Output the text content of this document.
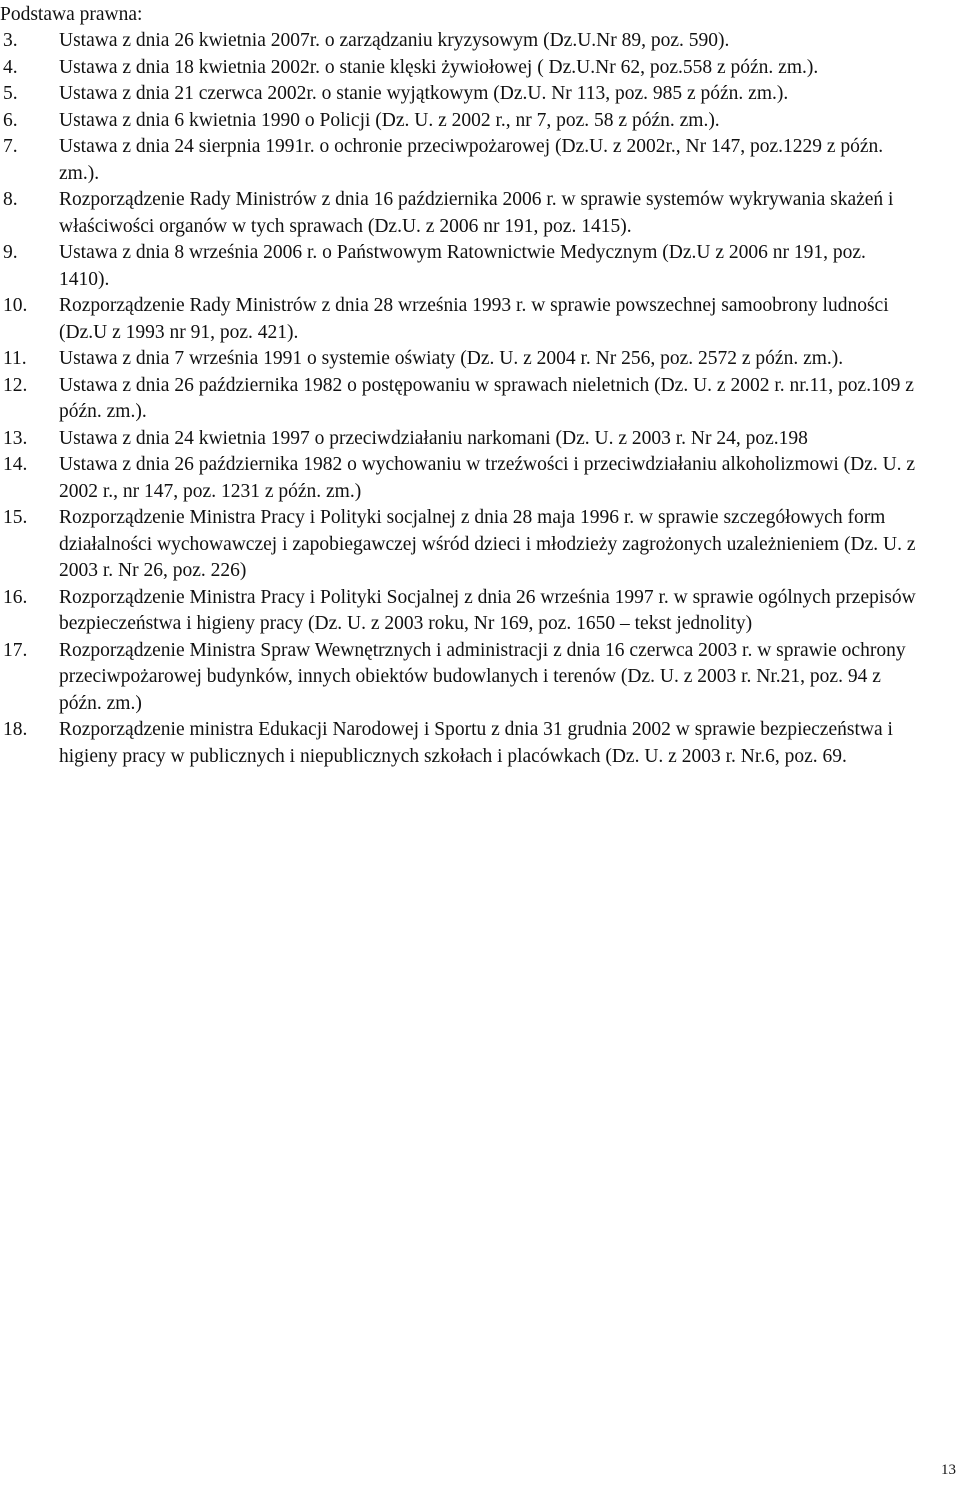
Podstawa prawna:
3. Ustawa z dnia 26 kwietnia 2007r. o zarządzaniu kryzysowym (Dz.U.Nr 89, poz. 590).
4. Ustawa z dnia 18 kwietnia 2002r. o stanie klęski żywiołowej ( Dz.U.Nr 62, poz.558 z późn. zm.).
5. Ustawa z dnia 21 czerwca 2002r. o stanie wyjątkowym (Dz.U. Nr 113, poz. 985 z późn. zm.).
6. Ustawa z dnia 6 kwietnia 1990 o Policji (Dz. U. z 2002 r., nr 7, poz. 58 z późn. zm.).
7. Ustawa z dnia 24 sierpnia 1991r. o ochronie przeciwpożarowej (Dz.U. z 2002r., Nr 147, poz.1229 z późn. zm.).
8. Rozporządzenie Rady Ministrów z dnia 16 października 2006 r. w sprawie systemów wykrywania skażeń i właściwości organów w tych sprawach (Dz.U. z 2006 nr 191, poz. 1415).
9. Ustawa z dnia 8 września 2006 r. o Państwowym Ratownictwie Medycznym (Dz.U z 2006 nr 191, poz. 1410).
10. Rozporządzenie Rady Ministrów z dnia 28 września 1993 r. w sprawie powszechnej samoobrony ludności (Dz.U z 1993 nr 91, poz. 421).
11. Ustawa z dnia 7 września 1991 o systemie oświaty (Dz. U. z 2004 r. Nr 256, poz. 2572 z późn. zm.).
12. Ustawa z dnia 26 października 1982 o postępowaniu w sprawach nieletnich (Dz. U. z 2002 r. nr.11, poz.109 z późn. zm.).
13. Ustawa z dnia 24 kwietnia 1997 o przeciwdziałaniu narkomani (Dz. U. z 2003 r. Nr 24, poz.198
14. Ustawa z dnia 26 października 1982 o wychowaniu w trzeźwości i przeciwdziałaniu alkoholizmowi (Dz. U. z 2002 r., nr 147, poz. 1231 z późn. zm.)
15. Rozporządzenie Ministra Pracy i Polityki socjalnej z dnia 28 maja 1996 r. w sprawie szczegółowych form działalności wychowawczej i zapobiegawczej wśród dzieci i młodzieży zagrożonych uzależnieniem (Dz. U. z 2003 r. Nr 26, poz. 226)
16. Rozporządzenie Ministra Pracy i Polityki Socjalnej z dnia 26 września 1997 r. w sprawie ogólnych przepisów bezpieczeństwa i higieny pracy (Dz. U. z 2003 roku, Nr 169, poz. 1650 – tekst jednolity)
17. Rozporządzenie Ministra Spraw Wewnętrznych i administracji z dnia 16 czerwca 2003 r. w sprawie ochrony przeciwpożarowej budynków, innych obiektów budowlanych i terenów (Dz. U. z 2003 r. Nr.21, poz. 94 z późn. zm.)
18. Rozporządzenie ministra Edukacji Narodowej i Sportu z dnia 31 grudnia 2002 w sprawie bezpieczeństwa i higieny pracy w publicznych i niepublicznych szkołach i placówkach (Dz. U. z 2003 r. Nr.6, poz. 69.
13
